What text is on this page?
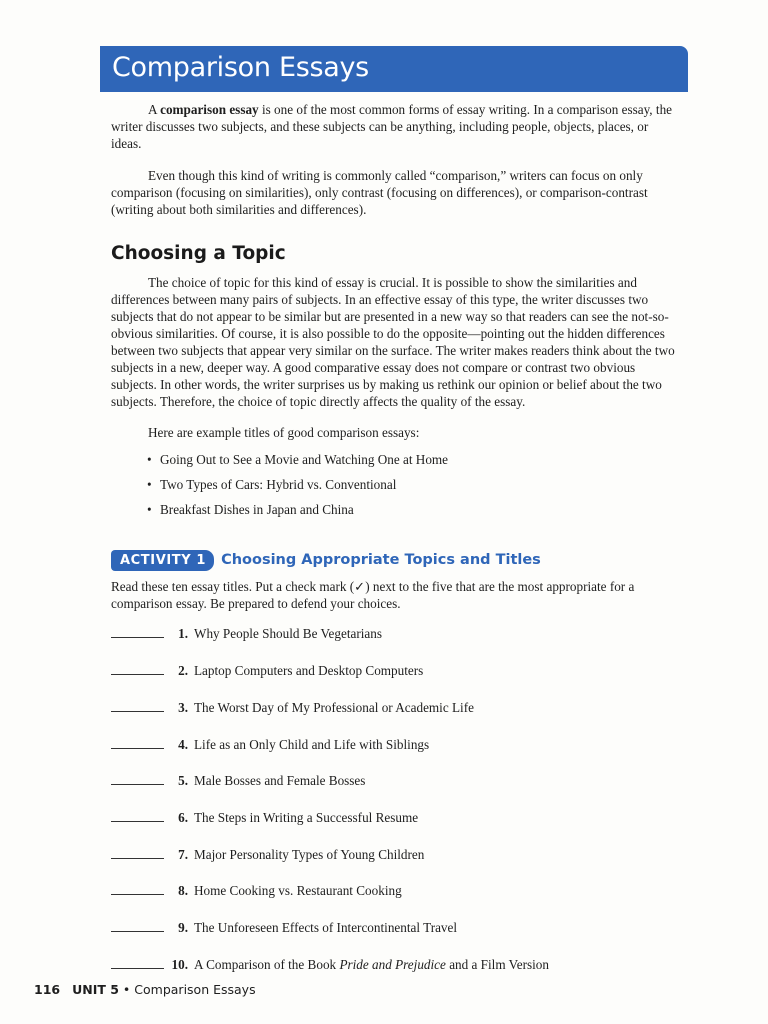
Comparison Essays

A comparison essay is one of the most common forms of essay writing. In a comparison essay, the writer discusses two subjects, and these subjects can be anything, including people, objects, places, or ideas.

Even though this kind of writing is commonly called “comparison,” writers can focus on only comparison (focusing on similarities), only contrast (focusing on differences), or comparison-contrast (writing about both similarities and differences).

Choosing a Topic

The choice of topic for this kind of essay is crucial. It is possible to show the similarities and differences between many pairs of subjects. In an effective essay of this type, the writer discusses two subjects that do not appear to be similar but are presented in a new way so that readers can see the not-so-obvious similarities. Of course, it is also possible to do the opposite—pointing out the hidden differences between two subjects that appear very similar on the surface. The writer makes readers think about the two subjects in a new, deeper way. A good comparative essay does not compare or contrast two obvious subjects. In other words, the writer surprises us by making us rethink our opinion or belief about the two subjects. Therefore, the choice of topic directly affects the quality of the essay.

Here are example titles of good comparison essays:

• Going Out to See a Movie and Watching One at Home
• Two Types of Cars: Hybrid vs. Conventional
• Breakfast Dishes in Japan and China
ACTIVITY 1	Choosing Appropriate Topics and Titles

Read these ten essay titles. Put a check mark (✓) next to the five that are the most appropriate for a comparison essay. Be prepared to defend your choices.

1. Why People Should Be Vegetarians
2. Laptop Computers and Desktop Computers
3. The Worst Day of My Professional or Academic Life
4. Life as an Only Child and Life with Siblings
5. Male Bosses and Female Bosses
6. The Steps in Writing a Successful Resume
7. Major Personality Types of Young Children
8. Home Cooking vs. Restaurant Cooking
9. The Unforeseen Effects of Intercontinental Travel
10. A Comparison of the Book Pride and Prejudice and a Film Version
116 UNIT 5 • Comparison Essays
